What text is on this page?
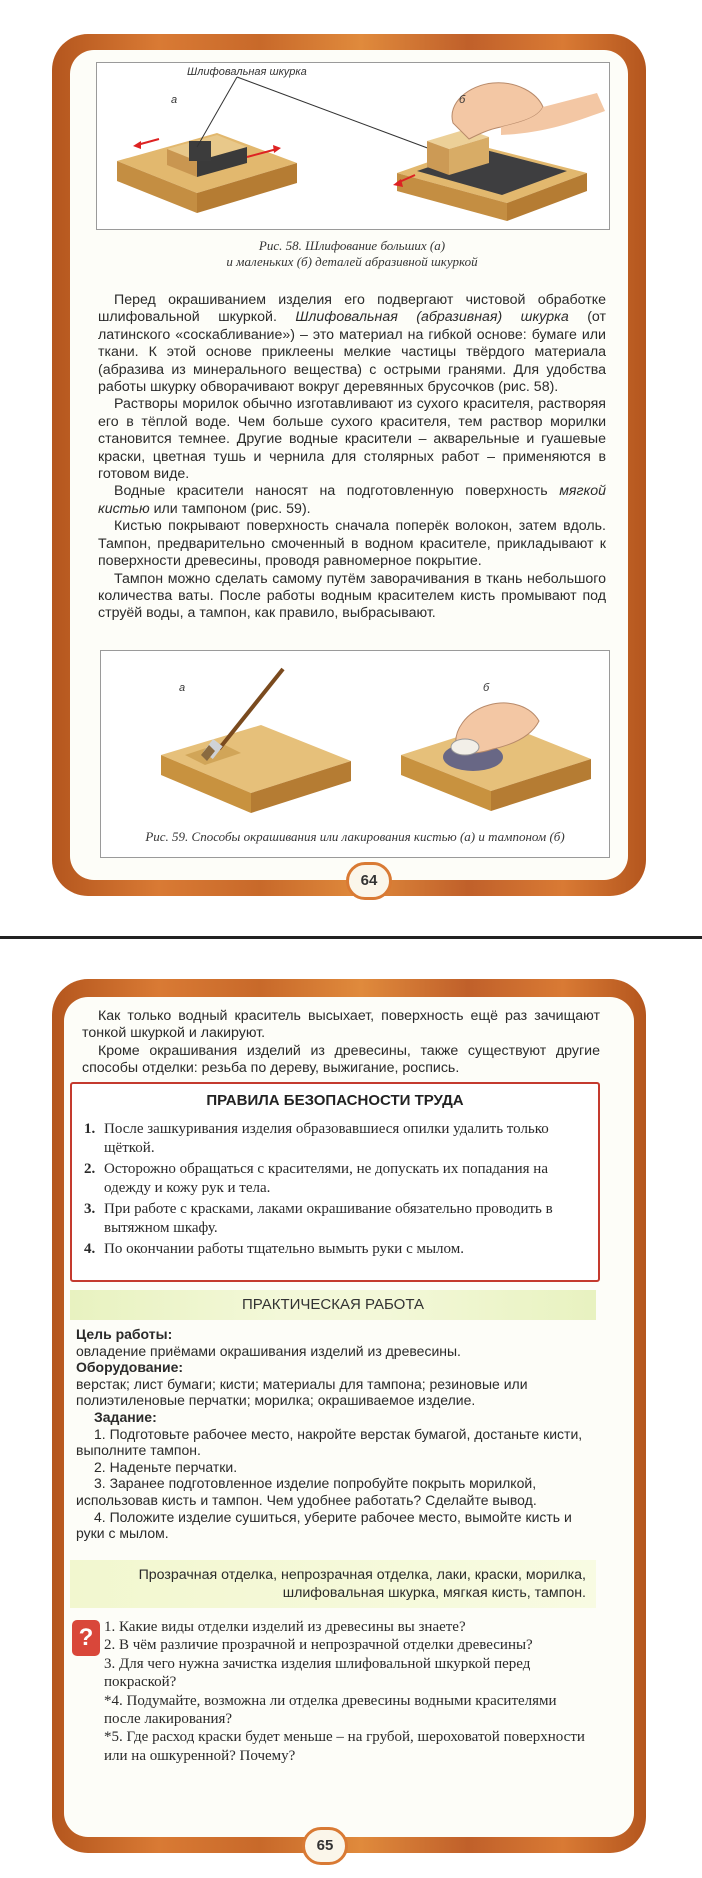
Шлифовальная шкурка
а	б
Рис. 58. Шлифование больших (а)
и маленьких (б) деталей абразивной шкуркой

Перед окрашиванием изделия его подвергают чистовой обработке шлифовальной шкуркой. Шлифовальная (абразивная) шкурка (от латинского «соскабливание») – это материал на гибкой основе: бумаге или ткани. К этой основе приклеены мелкие частицы твёрдого материала (абразива из минерального вещества) с острыми гранями. Для удобства работы шкурку обворачивают вокруг деревянных брусочков (рис. 58).

Растворы морилок обычно изготавливают из сухого красителя, растворяя его в тёплой воде. Чем больше сухого красителя, тем раствор морилки становится темнее. Другие водные красители – акварельные и гуашевые краски, цветная тушь и чернила для столярных работ – применяются в готовом виде.

Водные красители наносят на подготовленную поверхность мягкой кистью или тампоном (рис. 59).

Кистью покрывают поверхность сначала поперёк волокон, затем вдоль. Тампон, предварительно смоченный в водном красителе, прикладывают к поверхности древесины, проводя равномерное покрытие.

Тампон можно сделать самому путём заворачивания в ткань небольшого количества ваты. После работы водным красителем кисть промывают под струёй воды, а тампон, как правило, выбрасывают.

а	б
Рис. 59. Способы окрашивания или лакирования кистью (а) и тампоном (б)
64
65

Как только водный краситель высыхает, поверхность ещё раз зачищают тонкой шкуркой и лакируют.

Кроме окрашивания изделий из древесины, также существуют другие способы отделки: резьба по дереву, выжигание, роспись.

ПРАВИЛА БЕЗОПАСНОСТИ ТРУДА
1. После зашкуривания изделия образовавшиеся опилки удалить только щёткой.
2. Осторожно обращаться с красителями, не допускать их попадания на одежду и кожу рук и тела.
3. При работе с красками, лаками окрашивание обязательно проводить в вытяжном шкафу.
4. По окончании работы тщательно вымыть руки с мылом.
ПРАКТИЧЕСКАЯ РАБОТА
Цель работы:
овладение приёмами окрашивания изделий из древесины.
Оборудование:
верстак; лист бумаги; кисти; материалы для тампона; резиновые или полиэтиленовые перчатки; морилка; окрашиваемое изделие.
Задание:
1. Подготовьте рабочее место, накройте верстак бумагой, достаньте кисти, выполните тампон.
2. Наденьте перчатки.
3. Заранее подготовленное изделие попробуйте покрыть морилкой, использовав кисть и тампон. Чем удобнее работать? Сделайте вывод.
4. Положите изделие сушиться, уберите рабочее место, вымойте кисть и руки с мылом.
Прозрачная отделка, непрозрачная отделка, лаки, краски, морилка, шлифовальная шкурка, мягкая кисть, тампон.
? 1. Какие виды отделки изделий из древесины вы знаете?

2. В чём различие прозрачной и непрозрачной отделки древесины?

3. Для чего нужна зачистка изделия шлифовальной шкуркой перед покраской?

*4. Подумайте, возможна ли отделка древесины водными красителями после лакирования?

*5. Где расход краски будет меньше – на грубой, шероховатой поверхности или на ошкуренной? Почему?
